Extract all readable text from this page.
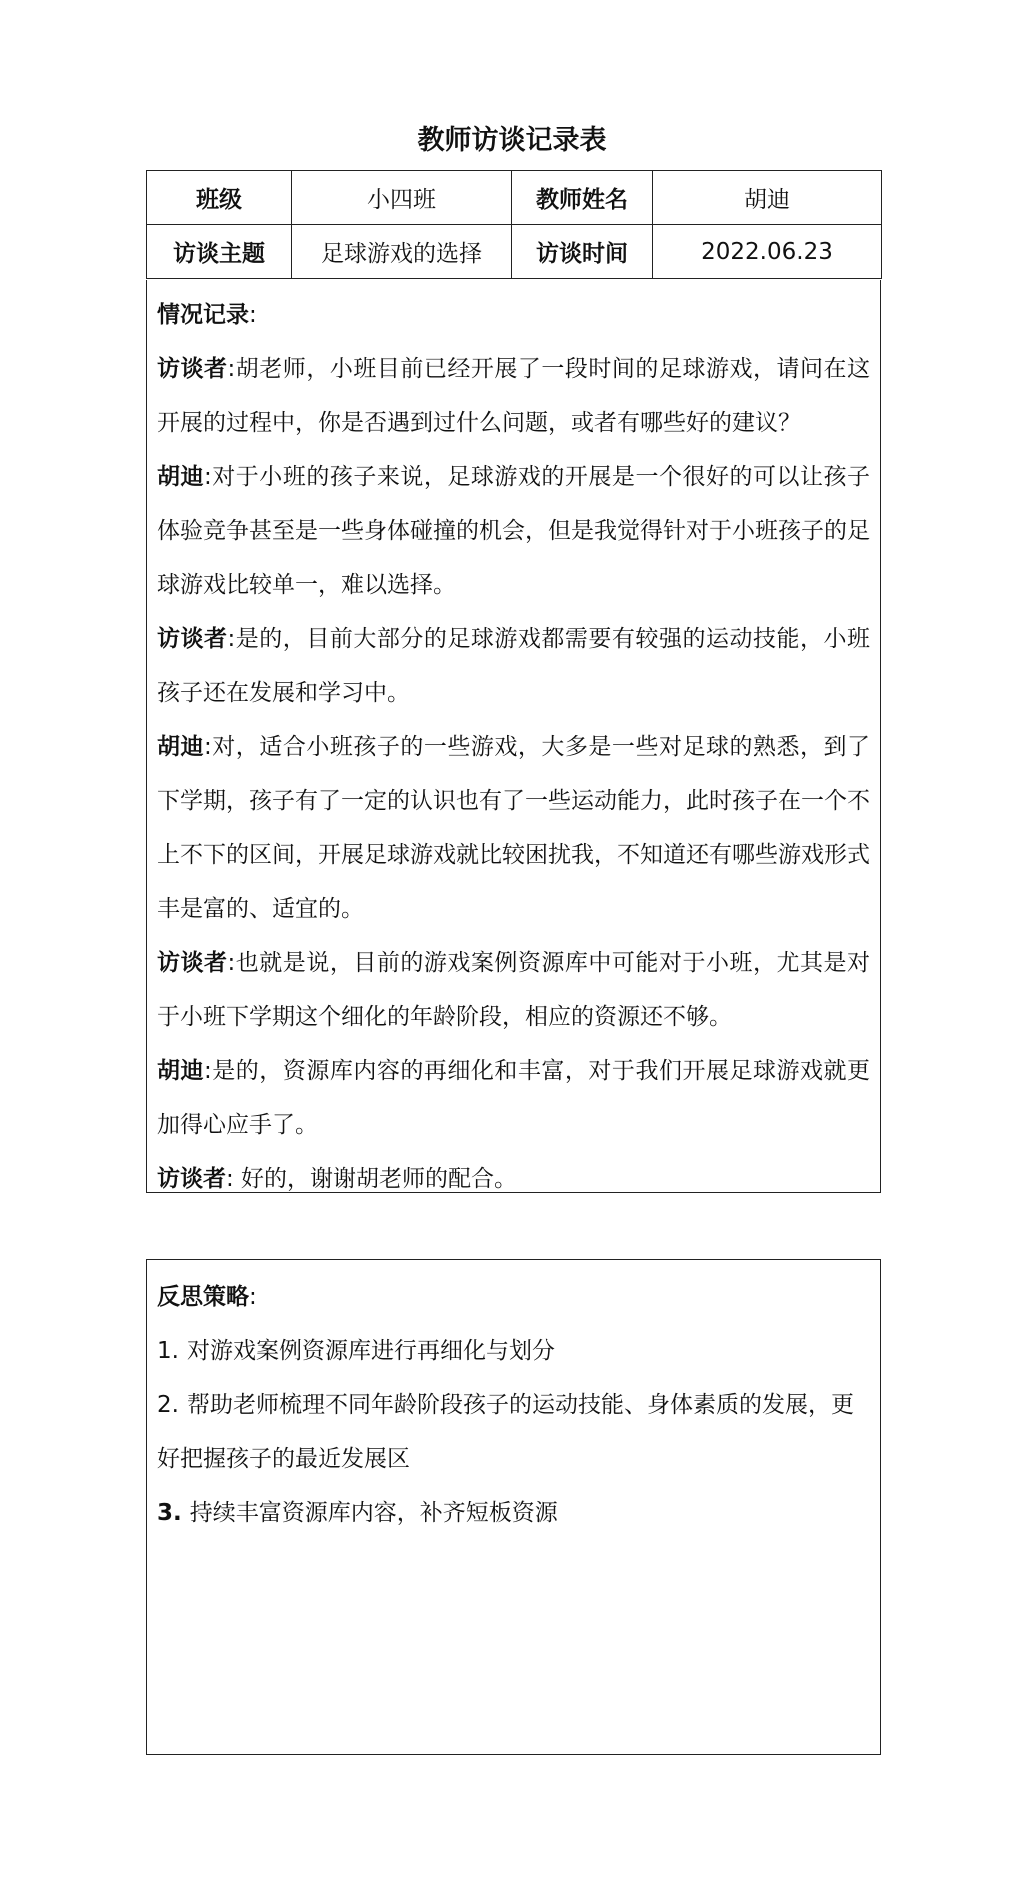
教师访谈记录表
班级	小四班	教师姓名	胡迪
访谈主题	足球游戏的选择	访谈时间	2022.06.23
情况记录:
访谈者:胡老师，小班目前已经开展了一段时间的足球游戏，请问在这开展的过程中，你是否遇到过什么问题，或者有哪些好的建议？
胡迪:对于小班的孩子来说，足球游戏的开展是一个很好的可以让孩子体验竞争甚至是一些身体碰撞的机会，但是我觉得针对于小班孩子的足球游戏比较单一，难以选择。
访谈者:是的，目前大部分的足球游戏都需要有较强的运动技能，小班孩子还在发展和学习中。
胡迪:对，适合小班孩子的一些游戏，大多是一些对足球的熟悉，到了下学期，孩子有了一定的认识也有了一些运动能力，此时孩子在一个不上不下的区间，开展足球游戏就比较困扰我，不知道还有哪些游戏形式丰是富的、适宜的。
访谈者:也就是说，目前的游戏案例资源库中可能对于小班，尤其是对于小班下学期这个细化的年龄阶段，相应的资源还不够。
胡迪:是的，资源库内容的再细化和丰富，对于我们开展足球游戏就更加得心应手了。
访谈者: 好的，谢谢胡老师的配合。
反思策略:
1. 对游戏案例资源库进行再细化与划分
2. 帮助老师梳理不同年龄阶段孩子的运动技能、身体素质的发展，更好把握孩子的最近发展区
3. 持续丰富资源库内容，补齐短板资源
